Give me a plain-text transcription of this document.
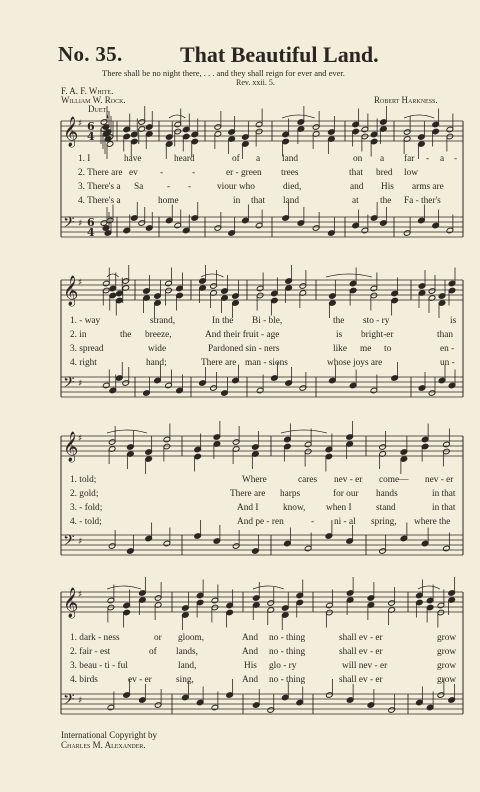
No. 35.	That Beautiful Land.
There shall be no night there, . . . and they shall reign for ever and ever.
Rev. xxii. 5.
F. A. F. White.
William W. Rock.
Duet.
Robert Harkness.
𝄞 ♯ 6
4
𝄢 ♯ 6
4
𝄞 ♯
𝄢 ♯
𝄞 ♯
𝄢 ♯
𝄞 ♯
𝄢 ♯
1. I	have	heard	of a land	on a far - a -
2. There are ev -	-	er - green trees	that bred low
3. There's a Sa	- -	viour who	died,	and His arms are
4. There's a	home	in that land	at the Fa - ther's
1. - way	strand,	In the Bi - ble,	the sto - ry	is
2. in	the breeze,	And their fruit - age	is bright-er	than
3. spread	wide	Pardoned sin - ners	like me to	en -
4. right	hand;	There are man - sions	whose joys are	un -
1. told;	Where	cares nev - er come— nev - er
2. gold;	There are harps	for our hands	in that
3. - fold;	And I	know, when I	stand	in that
4. - told;	And pe - ren	- ni - al spring, where the
1. dark - ness	or gloom,	And no - thing	shall ev - er	grow
2. fair - est	of lands,	And no - thing	shall ev - er	grow
3. beau - ti - ful	land,	His glo - ry	will nev - er	grow
4. birds	ev - er	sing,	And no - thing	shall ev - er	grow
International Copyright by
Charles M. Alexander.
